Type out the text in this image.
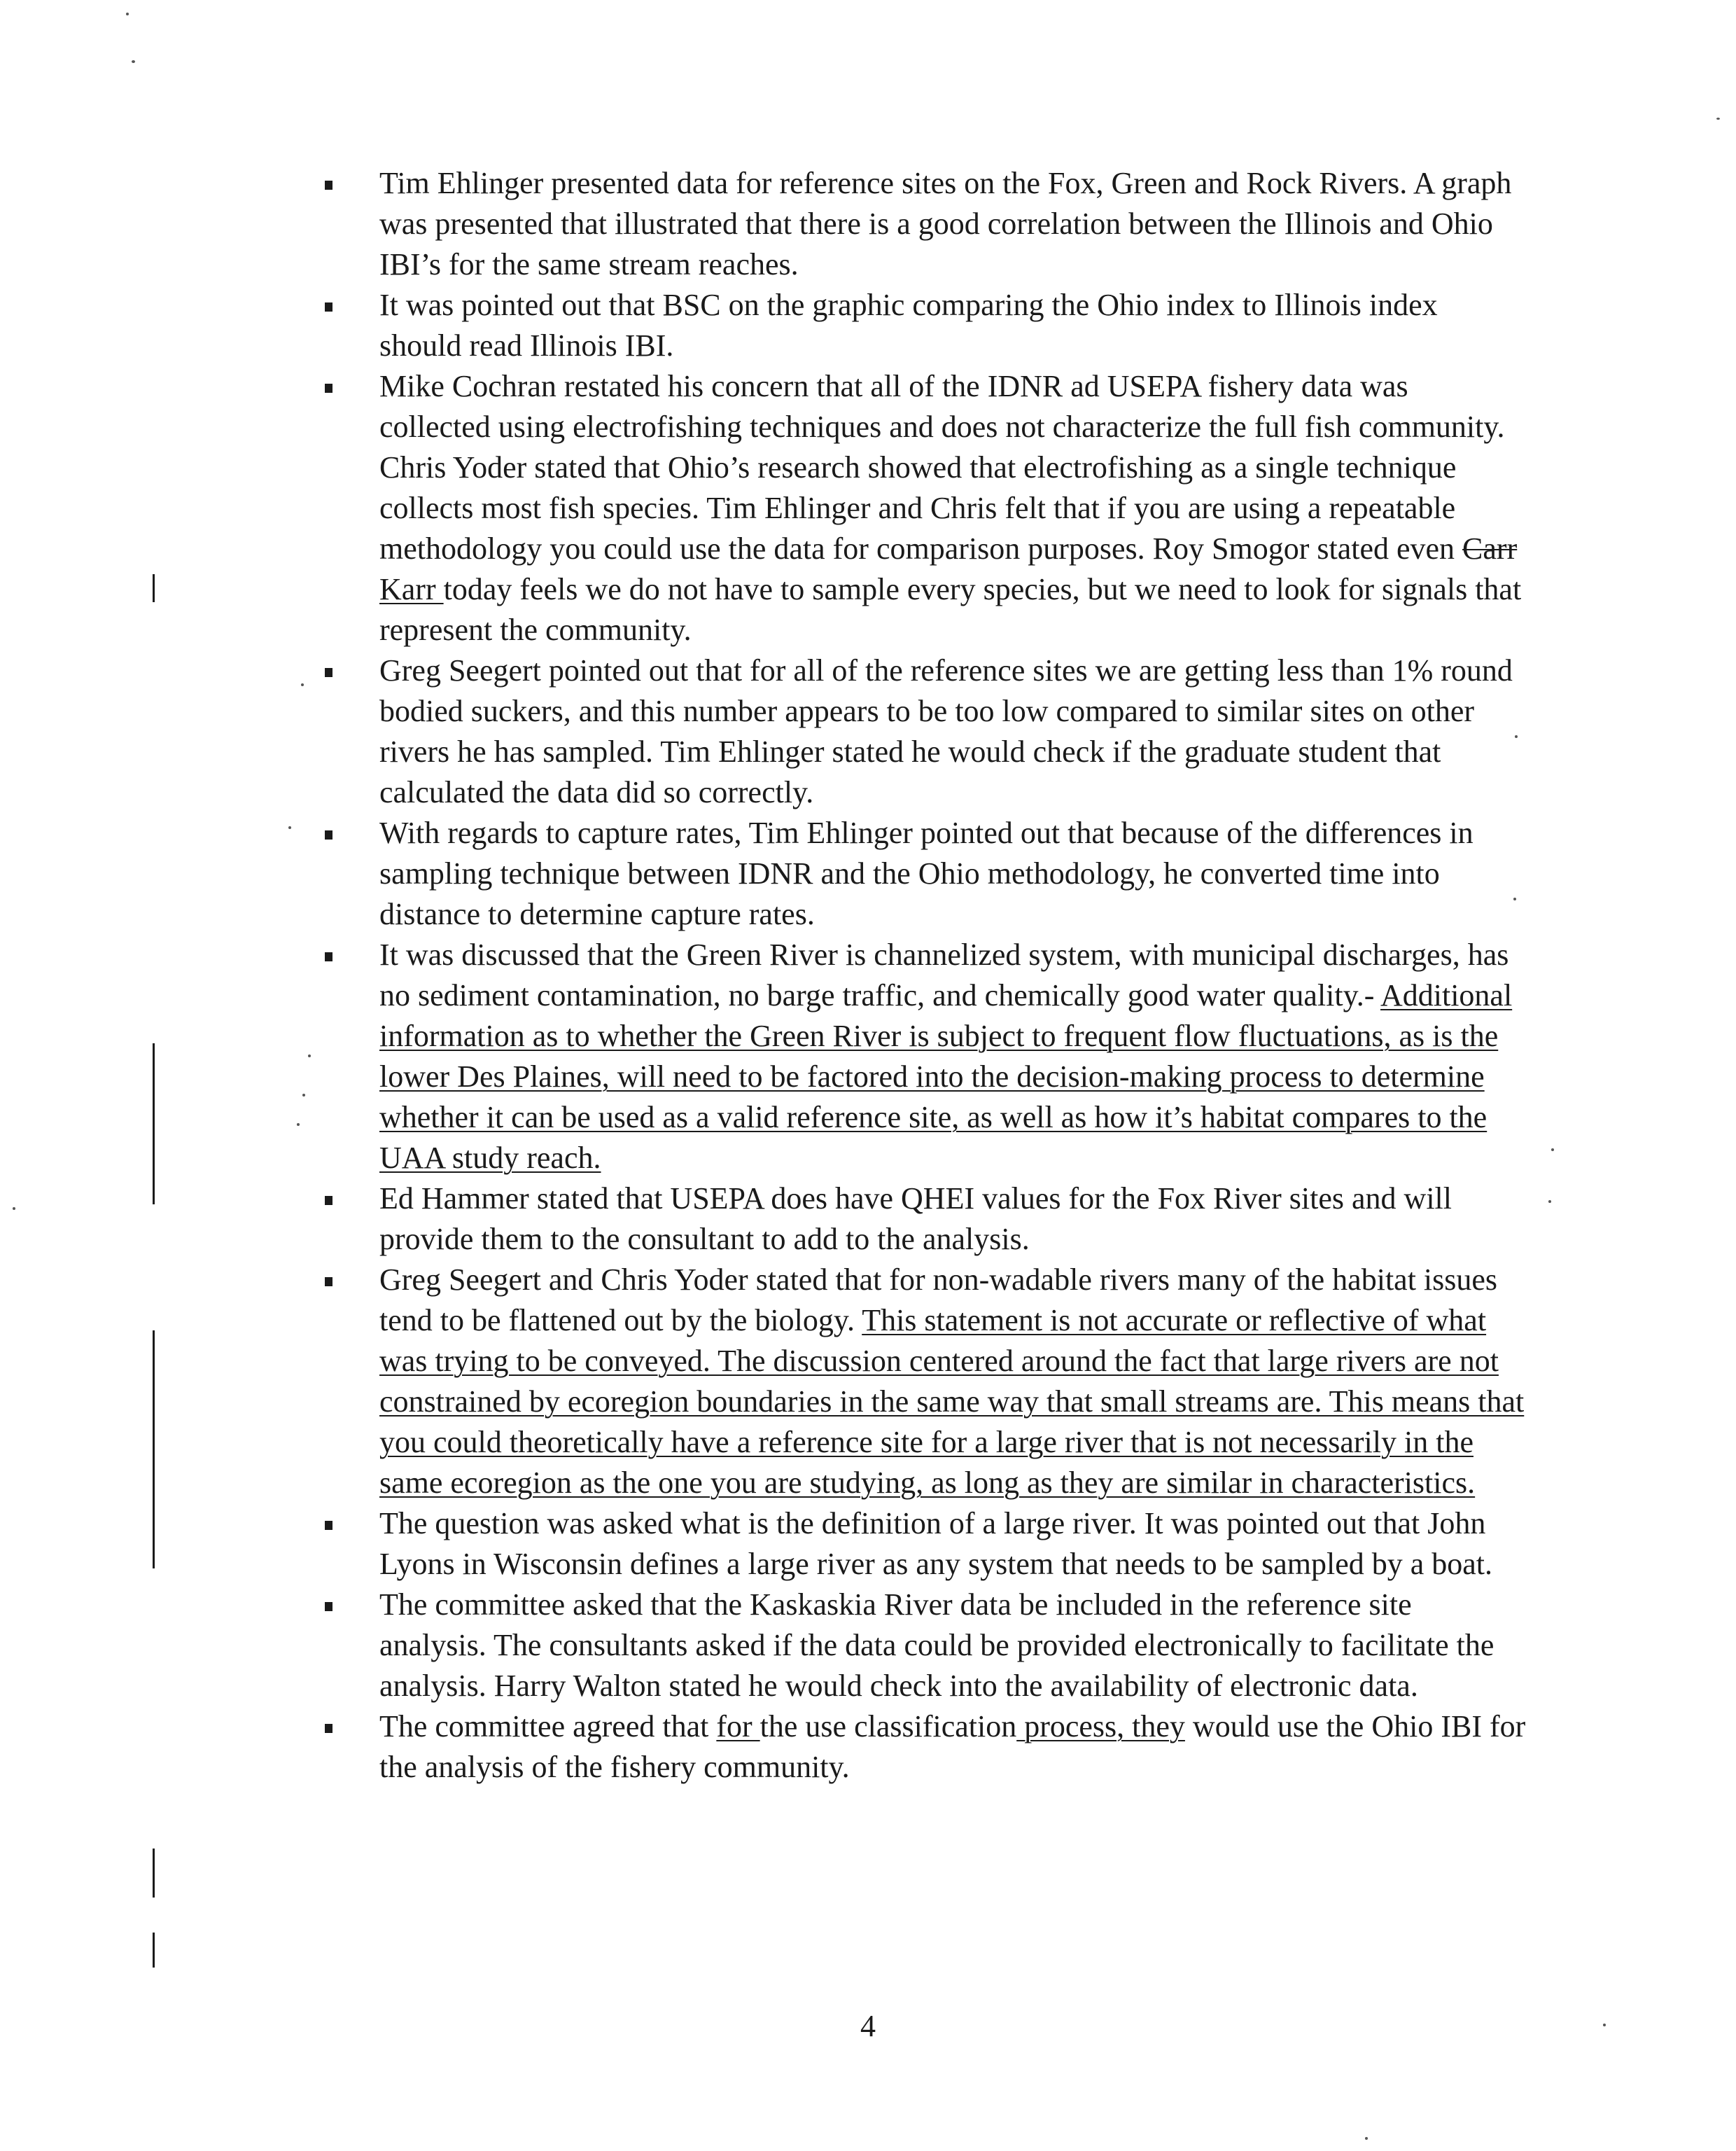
Tim Ehlinger presented data for reference sites on the Fox, Green and Rock Rivers. A graph was presented that illustrated that there is a good correlation between the Illinois and Ohio IBI’s for the same stream reaches.
It was pointed out that BSC on the graphic comparing the Ohio index to Illinois index should read Illinois IBI.
Mike Cochran restated his concern that all of the IDNR ad USEPA fishery data was collected using electrofishing techniques and does not characterize the full fish community. Chris Yoder stated that Ohio’s research showed that electrofishing as a single technique collects most fish species. Tim Ehlinger and Chris felt that if you are using a repeatable methodology you could use the data for comparison purposes. Roy Smogor stated even Carr Karr today feels we do not have to sample every species, but we need to look for signals that represent the community.
Greg Seegert pointed out that for all of the reference sites we are getting less than 1% round bodied suckers, and this number appears to be too low compared to similar sites on other rivers he has sampled. Tim Ehlinger stated he would check if the graduate student that calculated the data did so correctly.
With regards to capture rates, Tim Ehlinger pointed out that because of the differences in sampling technique between IDNR and the Ohio methodology, he converted time into distance to determine capture rates.
It was discussed that the Green River is channelized system, with municipal discharges, has no sediment contamination, no barge traffic, and chemically good water quality.- Additional information as to whether the Green River is subject to frequent flow fluctuations, as is the lower Des Plaines, will need to be factored into the decision-making process to determine whether it can be used as a valid reference site, as well as how it’s habitat compares to the UAA study reach.
Ed Hammer stated that USEPA does have QHEI values for the Fox River sites and will provide them to the consultant to add to the analysis.
Greg Seegert and Chris Yoder stated that for non-wadable rivers many of the habitat issues tend to be flattened out by the biology. This statement is not accurate or reflective of what was trying to be conveyed. The discussion centered around the fact that large rivers are not constrained by ecoregion boundaries in the same way that small streams are. This means that you could theoretically have a reference site for a large river that is not necessarily in the same ecoregion as the one you are studying, as long as they are similar in characteristics.
The question was asked what is the definition of a large river. It was pointed out that John Lyons in Wisconsin defines a large river as any system that needs to be sampled by a boat.
The committee asked that the Kaskaskia River data be included in the reference site analysis. The consultants asked if the data could be provided electronically to facilitate the analysis. Harry Walton stated he would check into the availability of electronic data.
The committee agreed that for the use classification process, they would use the Ohio IBI for the analysis of the fishery community.
4
